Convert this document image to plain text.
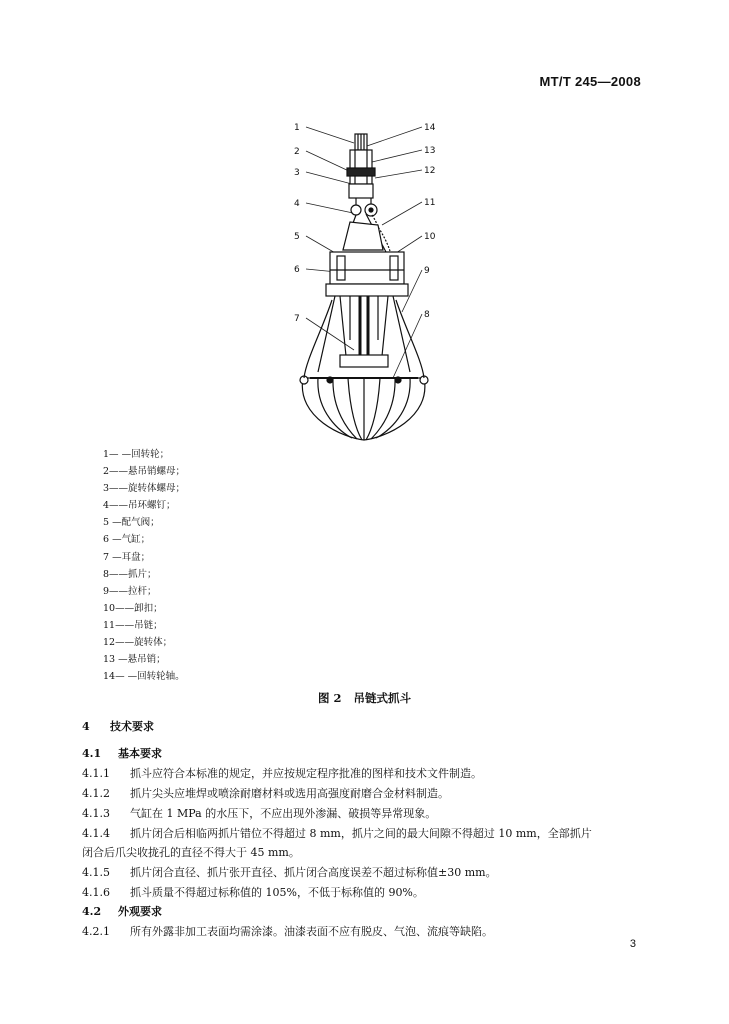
MT/T 245—2008
1
2
3
4
5
6
7
14
13
12
11
10
9
8
1— —回转轮；
2——悬吊销螺母；
3——旋转体螺母；
4——吊环螺钉；
5 —配气阀；
6 —气缸；
7 —耳盘；
8——抓片；
9——拉杆；
10——卸扣；
11——吊链；
12——旋转体；
13 —悬吊销；
14— —回转轮轴。
图 2 吊链式抓斗
4 技术要求
4.1 基本要求
4.1.1 抓斗应符合本标准的规定，并应按规定程序批准的图样和技术文件制造。
4.1.2 抓片尖头应堆焊或喷涂耐磨材料或选用高强度耐磨合金材料制造。
4.1.3 气缸在 1 MPa 的水压下，不应出现外渗漏、破损等异常现象。
4.1.4 抓片闭合后相临两抓片错位不得超过 8 mm，抓片之间的最大间隙不得超过 10 mm，全部抓片
闭合后爪尖收拢孔的直径不得大于 45 mm。
4.1.5 抓片闭合直径、抓片张开直径、抓片闭合高度误差不超过标称值±30 mm。
4.1.6 抓斗质量不得超过标称值的 105%，不低于标称值的 90%。
4.2 外观要求
4.2.1 所有外露非加工表面均需涂漆。油漆表面不应有脱皮、气泡、流痕等缺陷。
3
